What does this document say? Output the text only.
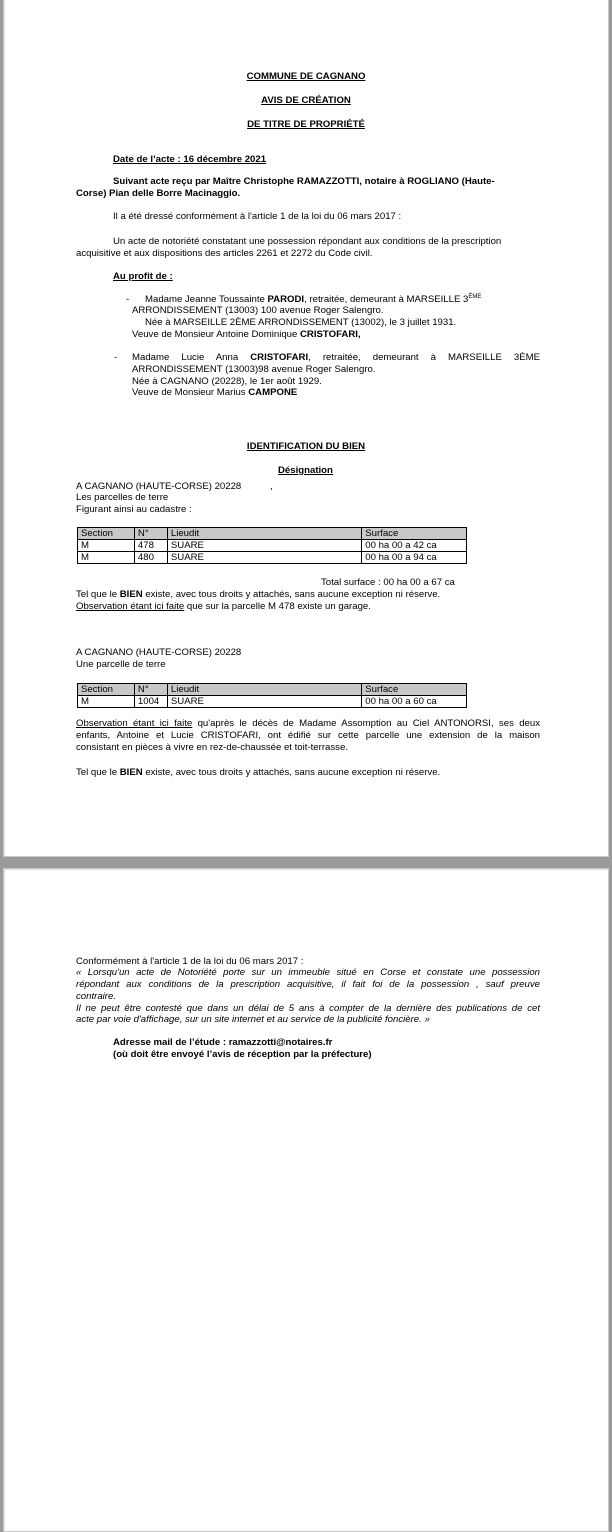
COMMUNE DE CAGNANO
AVIS DE CRÉATION
DE TITRE DE PROPRIÉTÉ
Date de l’acte : 16 décembre 2021
Suivant acte reçu par Maître Christophe RAMAZZOTTI, notaire à ROGLIANO (Haute-
Corse) Pian delle Borre Macinaggio.
Il a été dressé conformément à l'article 1 de la loi du 06 mars 2017 :
Un acte de notoriété constatant une possession répondant aux conditions de la prescription
acquisitive et aux dispositions des articles 2261 et 2272 du Code civil.
Au profit de :
- Madame Jeanne Toussainte PARODI, retraitée, demeurant à MARSEILLE 3ÈME
ARRONDISSEMENT (13003) 100 avenue Roger Salengro.
Née à MARSEILLE 2ÈME ARRONDISSEMENT (13002), le 3 juillet 1931.
Veuve de Monsieur Antoine Dominique CRISTOFARI,
- Madame Lucie Anna CRISTOFARI, retraitée, demeurant à MARSEILLE 3ÈME
ARRONDISSEMENT (13003)98 avenue Roger Salengro.
Née à CAGNANO (20228), le 1er août 1929.
Veuve de Monsieur Marius CAMPONE
IDENTIFICATION DU BIEN
Désignation
A CAGNANO (HAUTE-CORSE) 20228	,
Les parcelles de terre
Figurant ainsi au cadastre :
Section	N°	Lieudit	Surface
M	478	SUARE	00 ha 00 a 42 ca
M	480	SUARE	00 ha 00 a 94 ca
Total surface : 00 ha 00 a 67 ca
Tel que le BIEN existe, avec tous droits y attachés, sans aucune exception ni réserve.
Observation étant ici faite que sur la parcelle M 478 existe un garage.
A CAGNANO (HAUTE-CORSE) 20228
Une parcelle de terre
Section	N°	Lieudit	Surface
M	1004	SUARE	00 ha 00 a 60 ca
Observation étant ici faite qu'après le décès de Madame Assomption au Ciel ANTONORSI, ses deux
enfants, Antoine et Lucie CRISTOFARI, ont édifié sur cette parcelle une extension de la maison
consistant en pièces à vivre en rez-de-chaussée et toit-terrasse.
Tel que le BIEN existe, avec tous droits y attachés, sans aucune exception ni réserve.
Conformément à l'article 1 de la loi du 06 mars 2017 :
« Lorsqu'un acte de Notoriété porte sur un immeuble situé en Corse et constate une possession
répondant aux conditions de la prescription acquisitive, il fait foi de la possession , sauf preuve
contraire.
Il ne peut être contesté que dans un délai de 5 ans à compter de la dernière des publications de cet
acte par voie d'affichage, sur un site internet et au service de la publicité foncière. »
Adresse mail de l’étude : ramazzotti@notaires.fr
(où doit être envoyé l’avis de réception par la préfecture)
